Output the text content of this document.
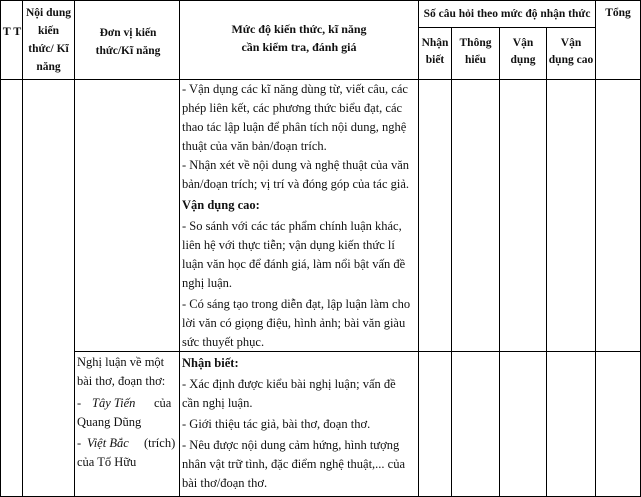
T T
Nội dung kiến thức/ Kĩ năng
Đơn vị kiến thức/Kĩ năng
Mức độ kiến thức, kĩ năng
cần kiểm tra, đánh giá
Số câu hỏi theo mức độ nhận thức	Tổng
Nhận
biết
Thông
hiểu
Vận
dụng
Vận
dụng cao
- Vận dụng các kĩ năng dùng từ, viết câu, các
phép liên kết, các phương thức biểu đạt, các
thao tác lập luận để phân tích nội dung, nghệ
thuật của văn bản/đoạn trích.
- Nhận xét về nội dung và nghệ thuật của văn
bản/đoạn trích; vị trí và đóng góp của tác giả.
Vận dụng cao:
- So sánh với các tác phẩm chính luận khác,
liên hệ với thực tiễn; vận dụng kiến thức lí
luận văn học để đánh giá, làm nổi bật vấn đề
nghị luận.
- Có sáng tạo trong diễn đạt, lập luận làm cho
lời văn có giọng điệu, hình ảnh; bài văn giàu
sức thuyết phục.
Nghị luận về một
bài thơ, đoạn thơ:
- Tây Tiến của
Quang Dũng
- Việt Bắc (trích)
của Tố Hữu
Nhận biết:
- Xác định được kiểu bài nghị luận; vấn đề
cần nghị luận.
- Giới thiệu tác giả, bài thơ, đoạn thơ.
- Nêu được nội dung cảm hứng, hình tượng
nhân vật trữ tình, đặc điểm nghệ thuật,... của
bài thơ/đoạn thơ.
